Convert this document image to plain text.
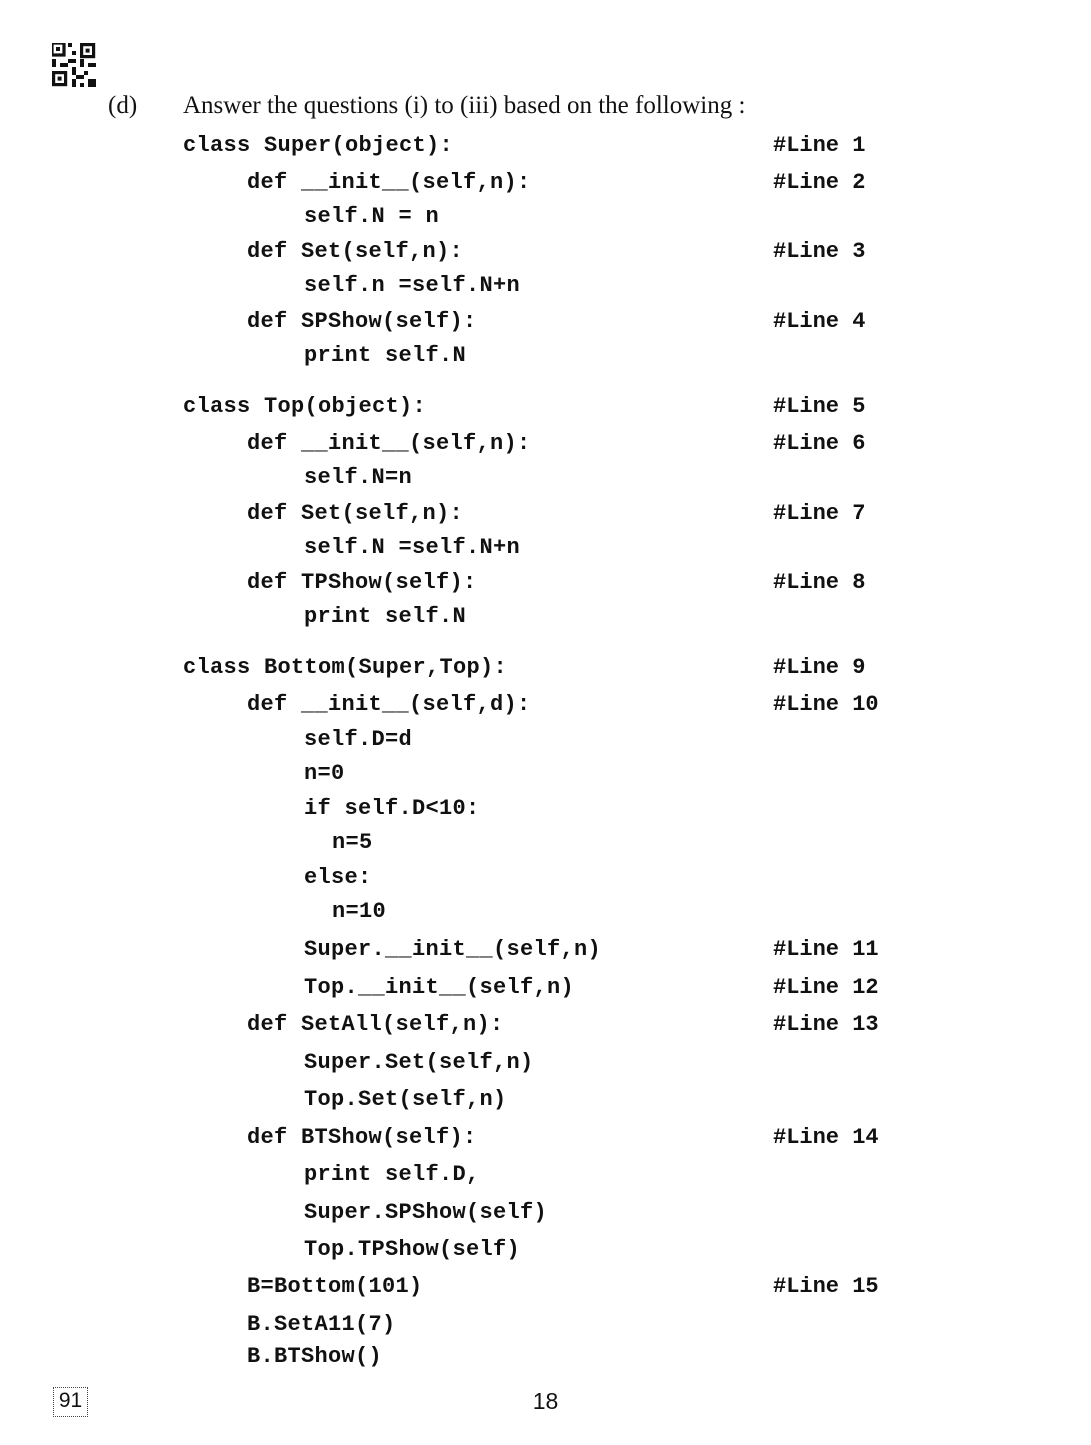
(d) Answer the questions (i) to (iii) based on the following :
class Super(object):	#Line 1
def __init__(self,n):	#Line 2
self.N = n
def Set(self,n):	#Line 3
self.n =self.N+n
def SPShow(self):	#Line 4
print self.N
class Top(object):	#Line 5
def __init__(self,n):	#Line 6
self.N=n
def Set(self,n):	#Line 7
self.N =self.N+n
def TPShow(self):	#Line 8
print self.N
class Bottom(Super,Top):	#Line 9
def __init__(self,d):	#Line 10
self.D=d
n=0
if self.D<10:
n=5
else:
n=10
Super.__init__(self,n)	#Line 11
Top.__init__(self,n)	#Line 12
def SetAll(self,n):	#Line 13
Super.Set(self,n)
Top.Set(self,n)
def BTShow(self):	#Line 14
print self.D,
Super.SPShow(self)
Top.TPShow(self)
B=Bottom(101)	#Line 15
B.SetA11(7)
B.BTShow()
91	18
